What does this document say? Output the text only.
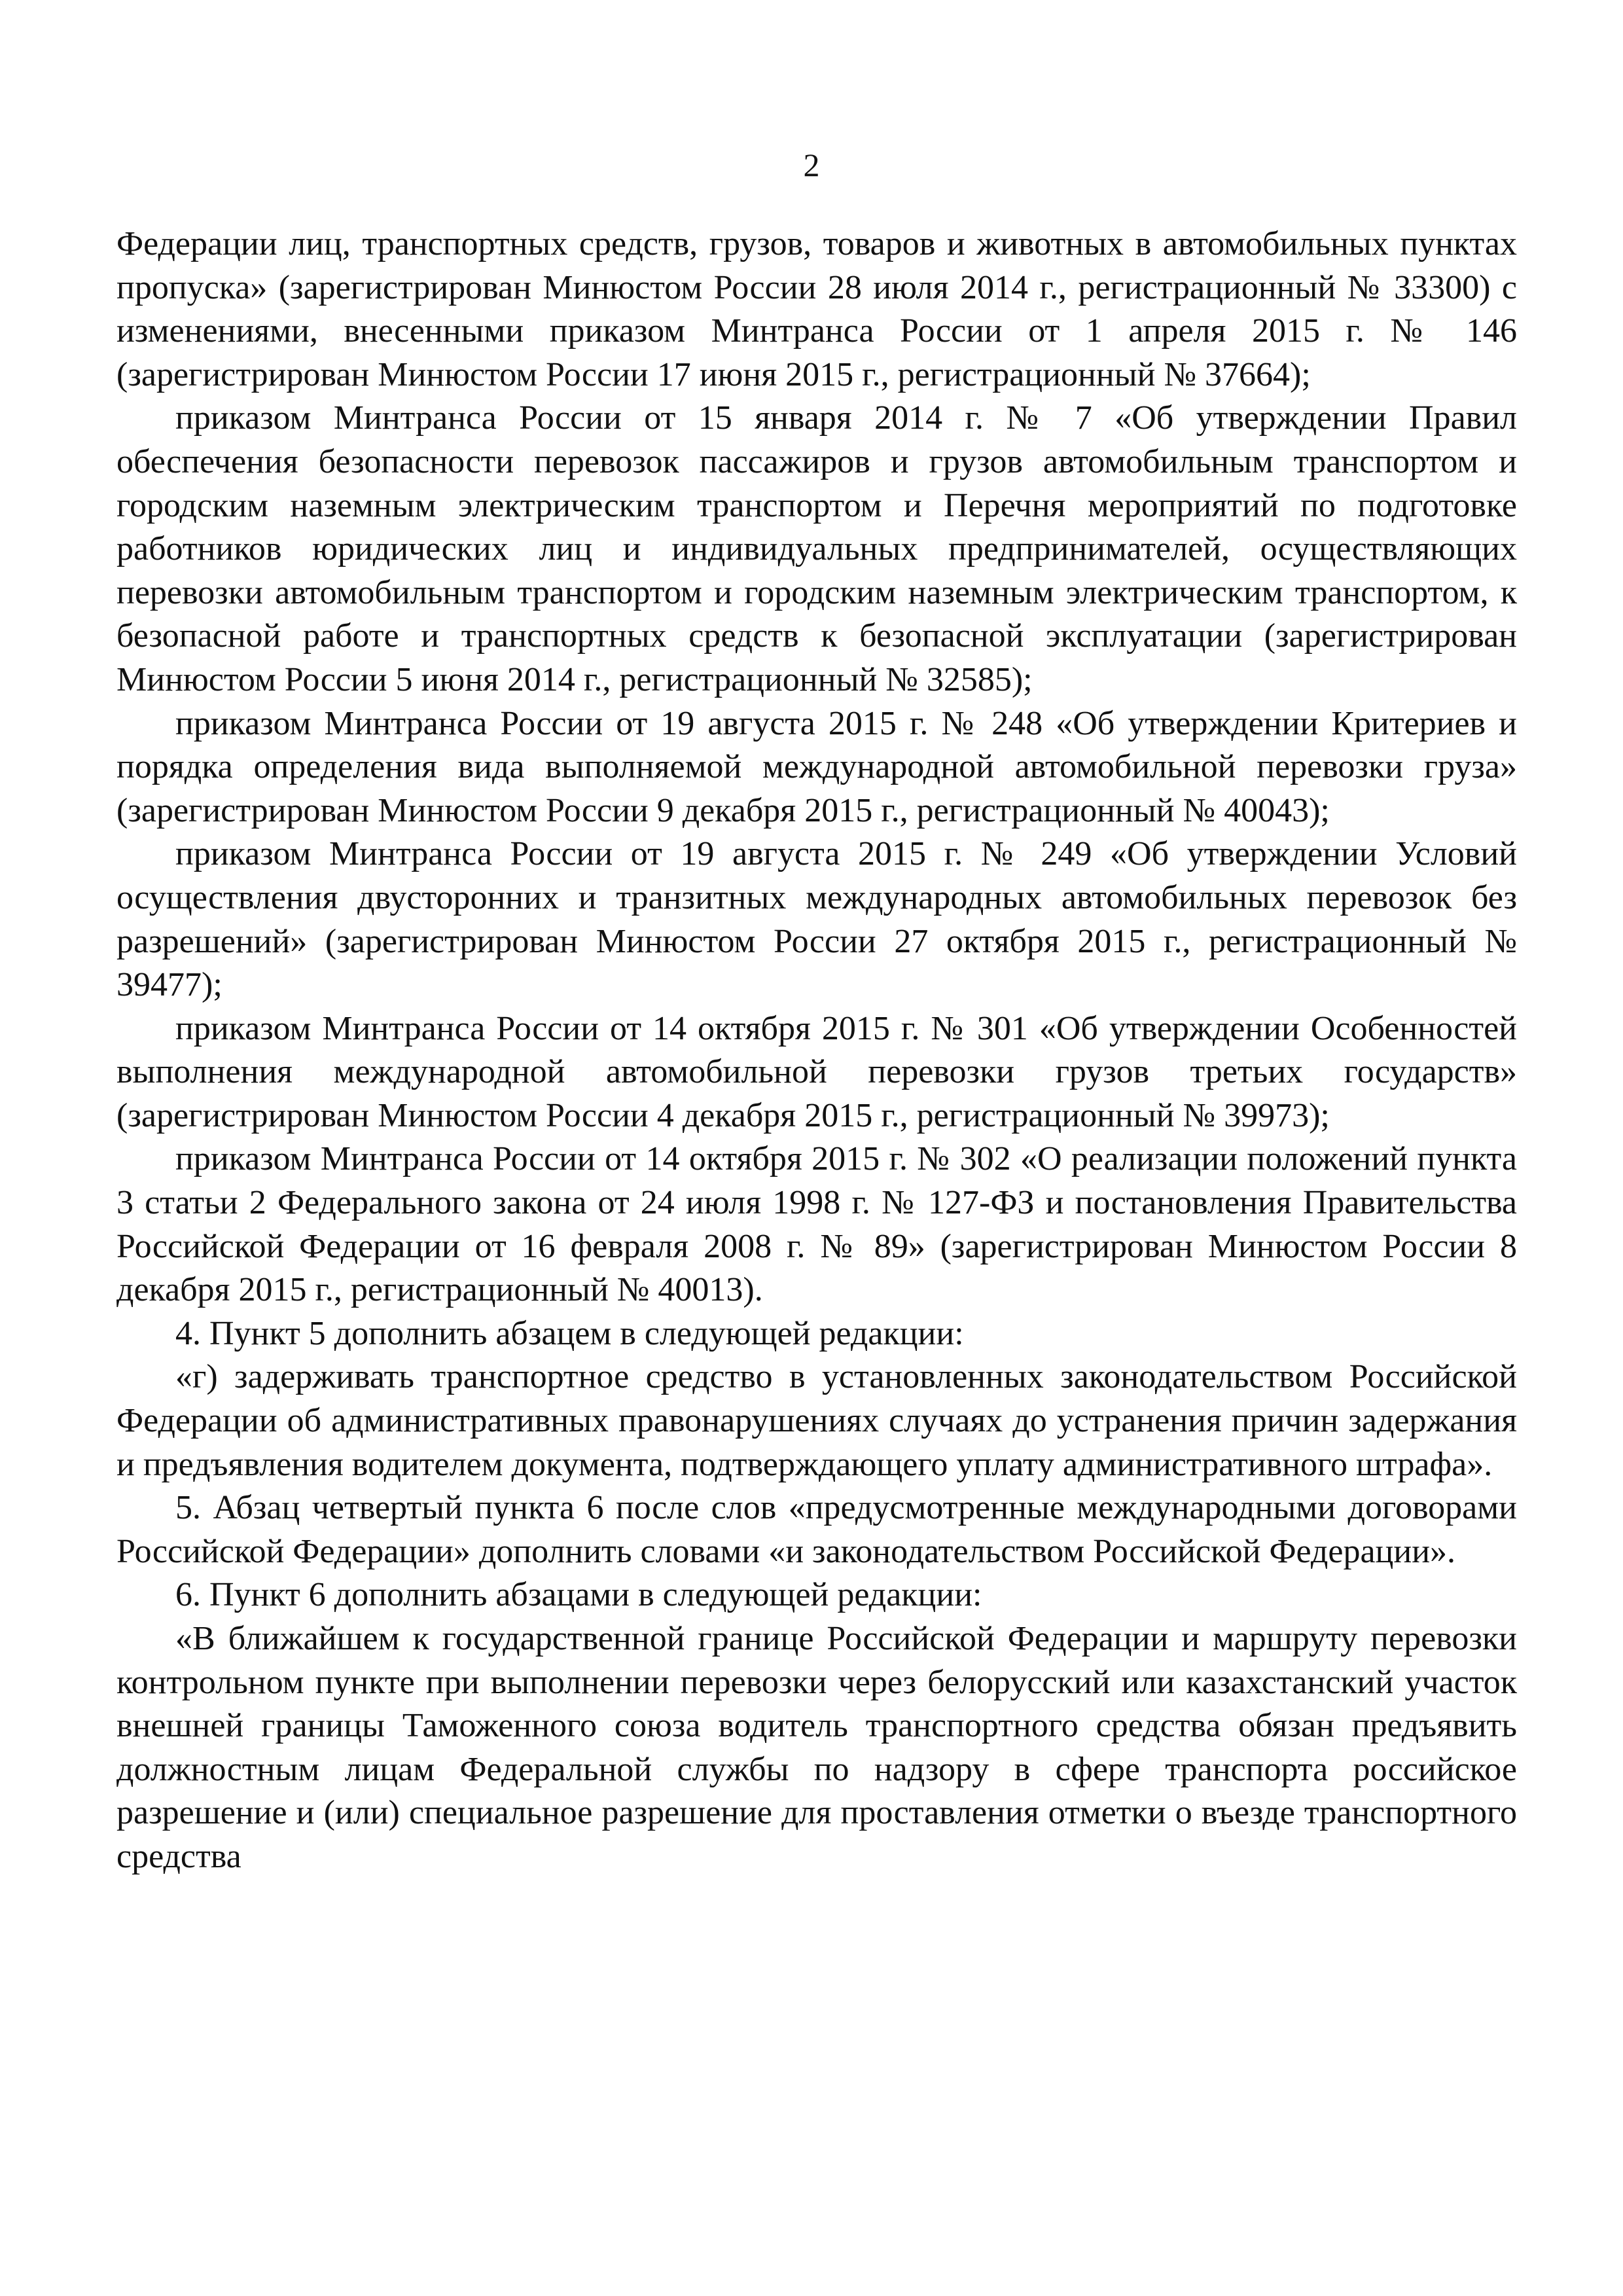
2

Федерации лиц, транспортных средств, грузов, товаров и животных в автомобильных пунктах пропуска» (зарегистрирован Минюстом России 28 июля 2014 г., регистрационный № 33300) с изменениями, внесенными приказом Минтранса России от 1 апреля 2015 г. № 146 (зарегистрирован Минюстом России 17 июня 2015 г., регистрационный № 37664);

приказом Минтранса России от 15 января 2014 г. № 7 «Об утверждении Правил обеспечения безопасности перевозок пассажиров и грузов автомобильным транспортом и городским наземным электрическим транспортом и Перечня мероприятий по подготовке работников юридических лиц и индивидуальных предпринимателей, осуществляющих перевозки автомобильным транспортом и городским наземным электрическим транспортом, к безопасной работе и транспортных средств к безопасной эксплуатации (зарегистрирован Минюстом России 5 июня 2014 г., регистрационный № 32585);

приказом Минтранса России от 19 августа 2015 г. № 248 «Об утверждении Критериев и порядка определения вида выполняемой международной автомобильной перевозки груза» (зарегистрирован Минюстом России 9 декабря 2015 г., регистрационный № 40043);

приказом Минтранса России от 19 августа 2015 г. № 249 «Об утверждении Условий осуществления двусторонних и транзитных международных автомобильных перевозок без разрешений» (зарегистрирован Минюстом России 27 октября 2015 г., регистрационный № 39477);

приказом Минтранса России от 14 октября 2015 г. № 301 «Об утверждении Особенностей выполнения международной автомобильной перевозки грузов третьих государств» (зарегистрирован Минюстом России 4 декабря 2015 г., регистрационный № 39973);

приказом Минтранса России от 14 октября 2015 г. № 302 «О реализации положений пункта 3 статьи 2 Федерального закона от 24 июля 1998 г. № 127-ФЗ и постановления Правительства Российской Федерации от 16 февраля 2008 г. № 89» (зарегистрирован Минюстом России 8 декабря 2015 г., регистрационный № 40013).

4. Пункт 5 дополнить абзацем в следующей редакции:

«г) задерживать транспортное средство в установленных законодательством Российской Федерации об административных правонарушениях случаях до устранения причин задержания и предъявления водителем документа, подтверждающего уплату административного штрафа».

5. Абзац четвертый пункта 6 после слов «предусмотренные международными договорами Российской Федерации» дополнить словами «и законодательством Российской Федерации».

6. Пункт 6 дополнить абзацами в следующей редакции:

«В ближайшем к государственной границе Российской Федерации и маршруту перевозки контрольном пункте при выполнении перевозки через белорусский или казахстанский участок внешней границы Таможенного союза водитель транспортного средства обязан предъявить должностным лицам Федеральной службы по надзору в сфере транспорта российское разрешение и (или) специальное разрешение для проставления отметки о въезде транспортного средства
